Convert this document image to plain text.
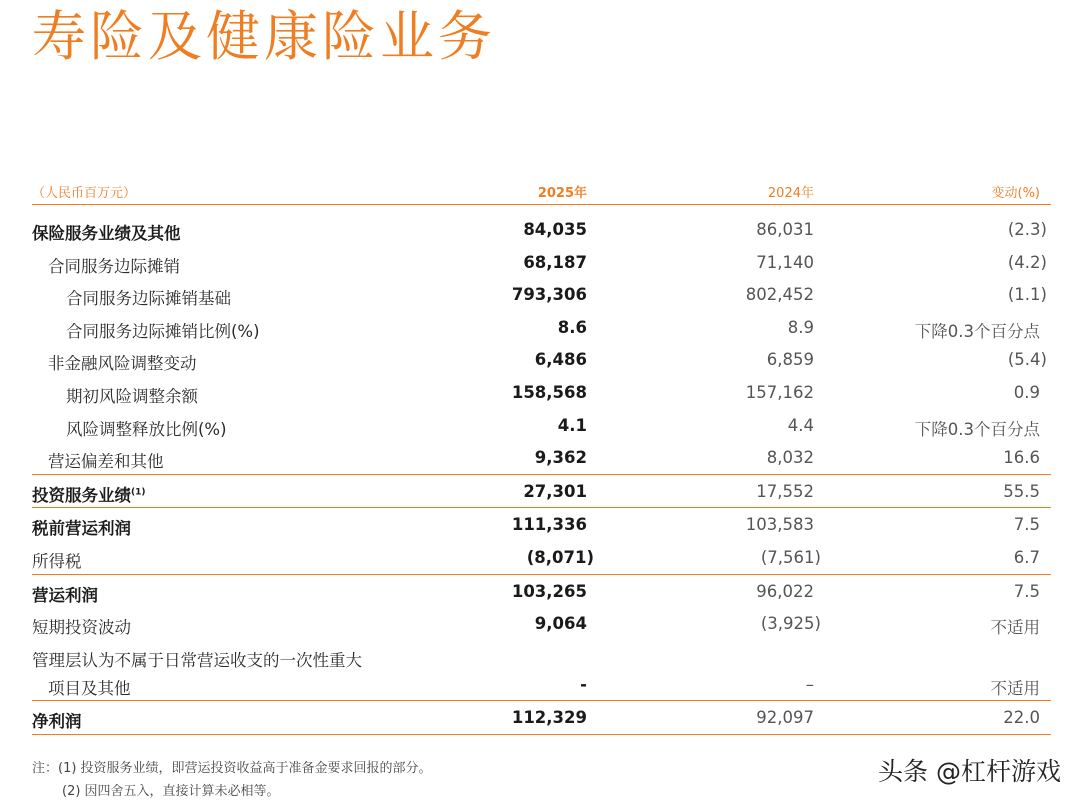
寿险及健康险业务
（人民币百万元）	2025年	2024年	变动(%)
保险服务业绩及其他	84,035	86,031	(2.3)
合同服务边际摊销	68,187	71,140	(4.2)
合同服务边际摊销基础	793,306	802,452	(1.1)
合同服务边际摊销比例(%)	8.6	8.9	下降0.3个百分点
非金融风险调整变动	6,486	6,859	(5.4)
期初风险调整余额	158,568	157,162	0.9
风险调整释放比例(%)	4.1	4.4	下降0.3个百分点
营运偏差和其他	9,362	8,032	16.6
投资服务业绩$^{(1)}$	27,301	17,552	55.5
税前营运利润	111,336	103,583	7.5
所得税	(8,071)	(7,561)	6.7
营运利润	103,265	96,022	7.5
短期投资波动	9,064	(3,925)	不适用
管理层认为不属于日常营运收支的一次性重大
项目及其他	-	–	不适用
净利润	112,329	92,097	22.0
注：(1) 投资服务业绩，即营运投资收益高于准备金要求回报的部分。
(2) 因四舍五入，直接计算未必相等。
头条 @杠杆游戏
